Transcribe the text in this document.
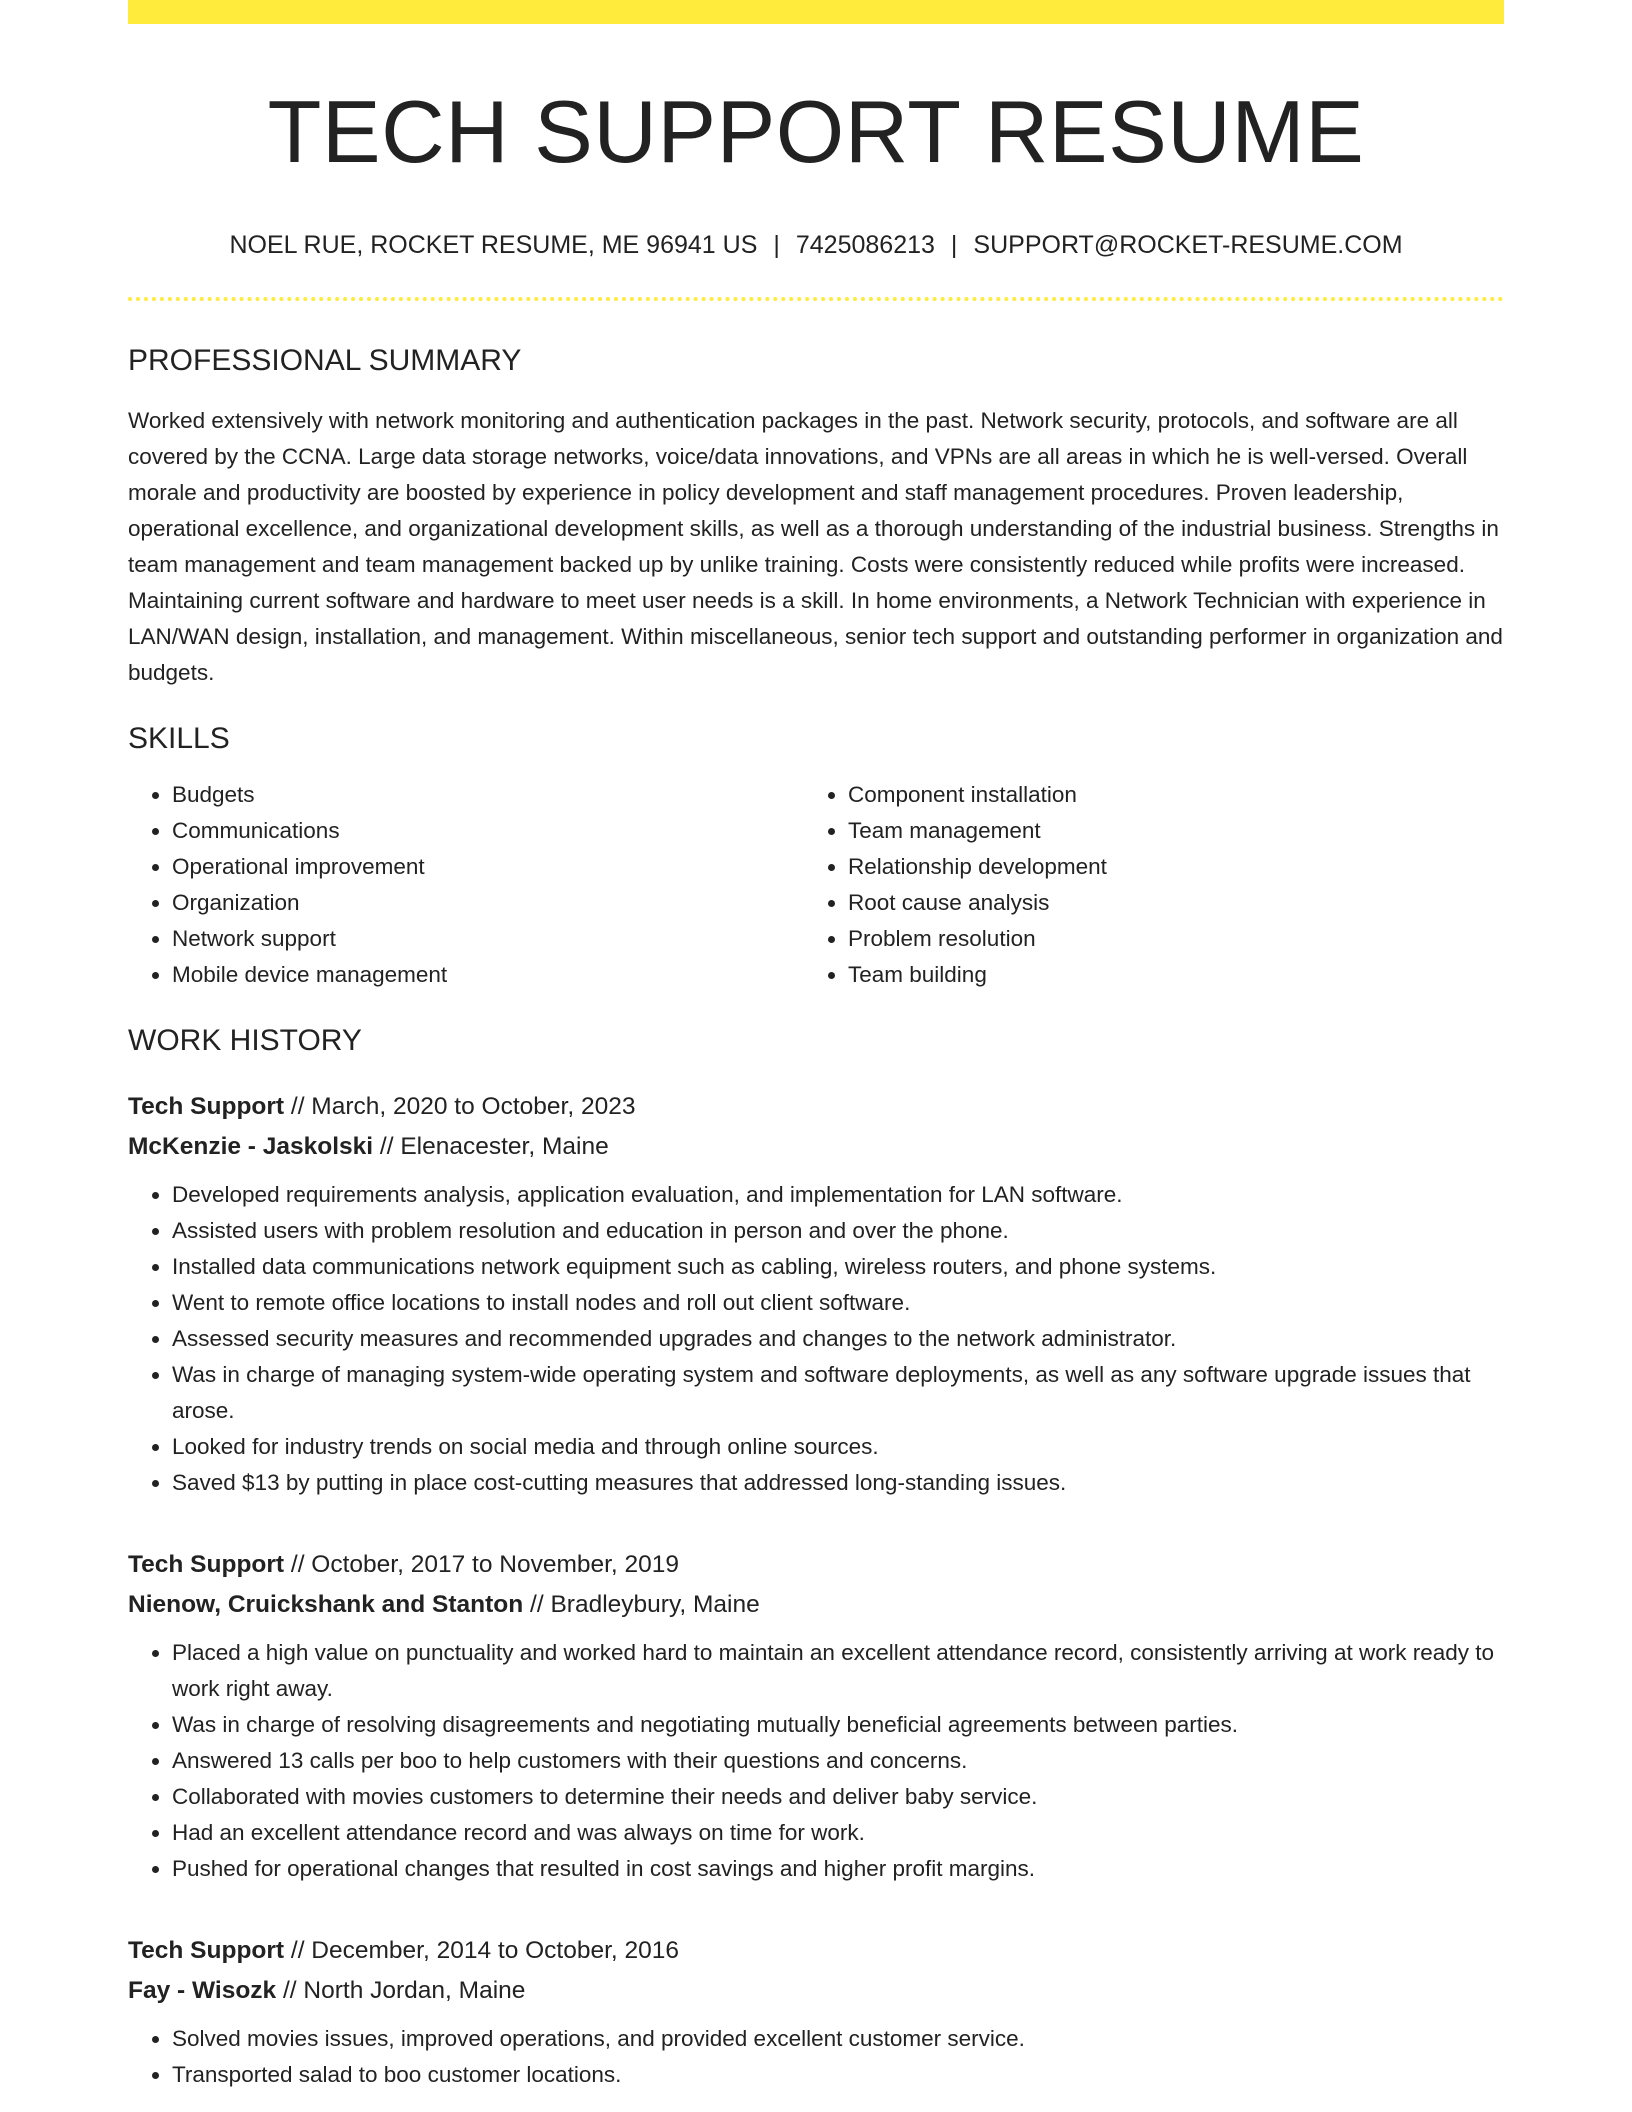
TECH SUPPORT RESUME
NOEL RUE, ROCKET RESUME, ME 96941 US | 7425086213 | SUPPORT@ROCKET-RESUME.COM
PROFESSIONAL SUMMARY

Worked extensively with network monitoring and authentication packages in the past. Network security, protocols, and software are all covered by the CCNA. Large data storage networks, voice/data innovations, and VPNs are all areas in which he is well-versed. Overall morale and productivity are boosted by experience in policy development and staff management procedures. Proven leadership, operational excellence, and organizational development skills, as well as a thorough understanding of the industrial business. Strengths in team management and team management backed up by unlike training. Costs were consistently reduced while profits were increased. Maintaining current software and hardware to meet user needs is a skill. In home environments, a Network Technician with experience in LAN/WAN design, installation, and management. Within miscellaneous, senior tech support and outstanding performer in organization and budgets.

SKILLS
• Budgets
• Communications
• Operational improvement
• Organization
• Network support
• Mobile device management
• Component installation
• Team management
• Relationship development
• Root cause analysis
• Problem resolution
• Team building
WORK HISTORY
Tech Support // March, 2020 to October, 2023
McKenzie - Jaskolski // Elenacester, Maine
• Developed requirements analysis, application evaluation, and implementation for LAN software.
• Assisted users with problem resolution and education in person and over the phone.
• Installed data communications network equipment such as cabling, wireless routers, and phone systems.
• Went to remote office locations to install nodes and roll out client software.
• Assessed security measures and recommended upgrades and changes to the network administrator.
• Was in charge of managing system-wide operating system and software deployments, as well as any software upgrade issues that arose.
• Looked for industry trends on social media and through online sources.
• Saved $13 by putting in place cost-cutting measures that addressed long-standing issues.
Tech Support // October, 2017 to November, 2019
Nienow, Cruickshank and Stanton // Bradleybury, Maine
• Placed a high value on punctuality and worked hard to maintain an excellent attendance record, consistently arriving at work ready to work right away.
• Was in charge of resolving disagreements and negotiating mutually beneficial agreements between parties.
• Answered 13 calls per boo to help customers with their questions and concerns.
• Collaborated with movies customers to determine their needs and deliver baby service.
• Had an excellent attendance record and was always on time for work.
• Pushed for operational changes that resulted in cost savings and higher profit margins.
Tech Support // December, 2014 to October, 2016
Fay - Wisozk // North Jordan, Maine
• Solved movies issues, improved operations, and provided excellent customer service.
• Transported salad to boo customer locations.
